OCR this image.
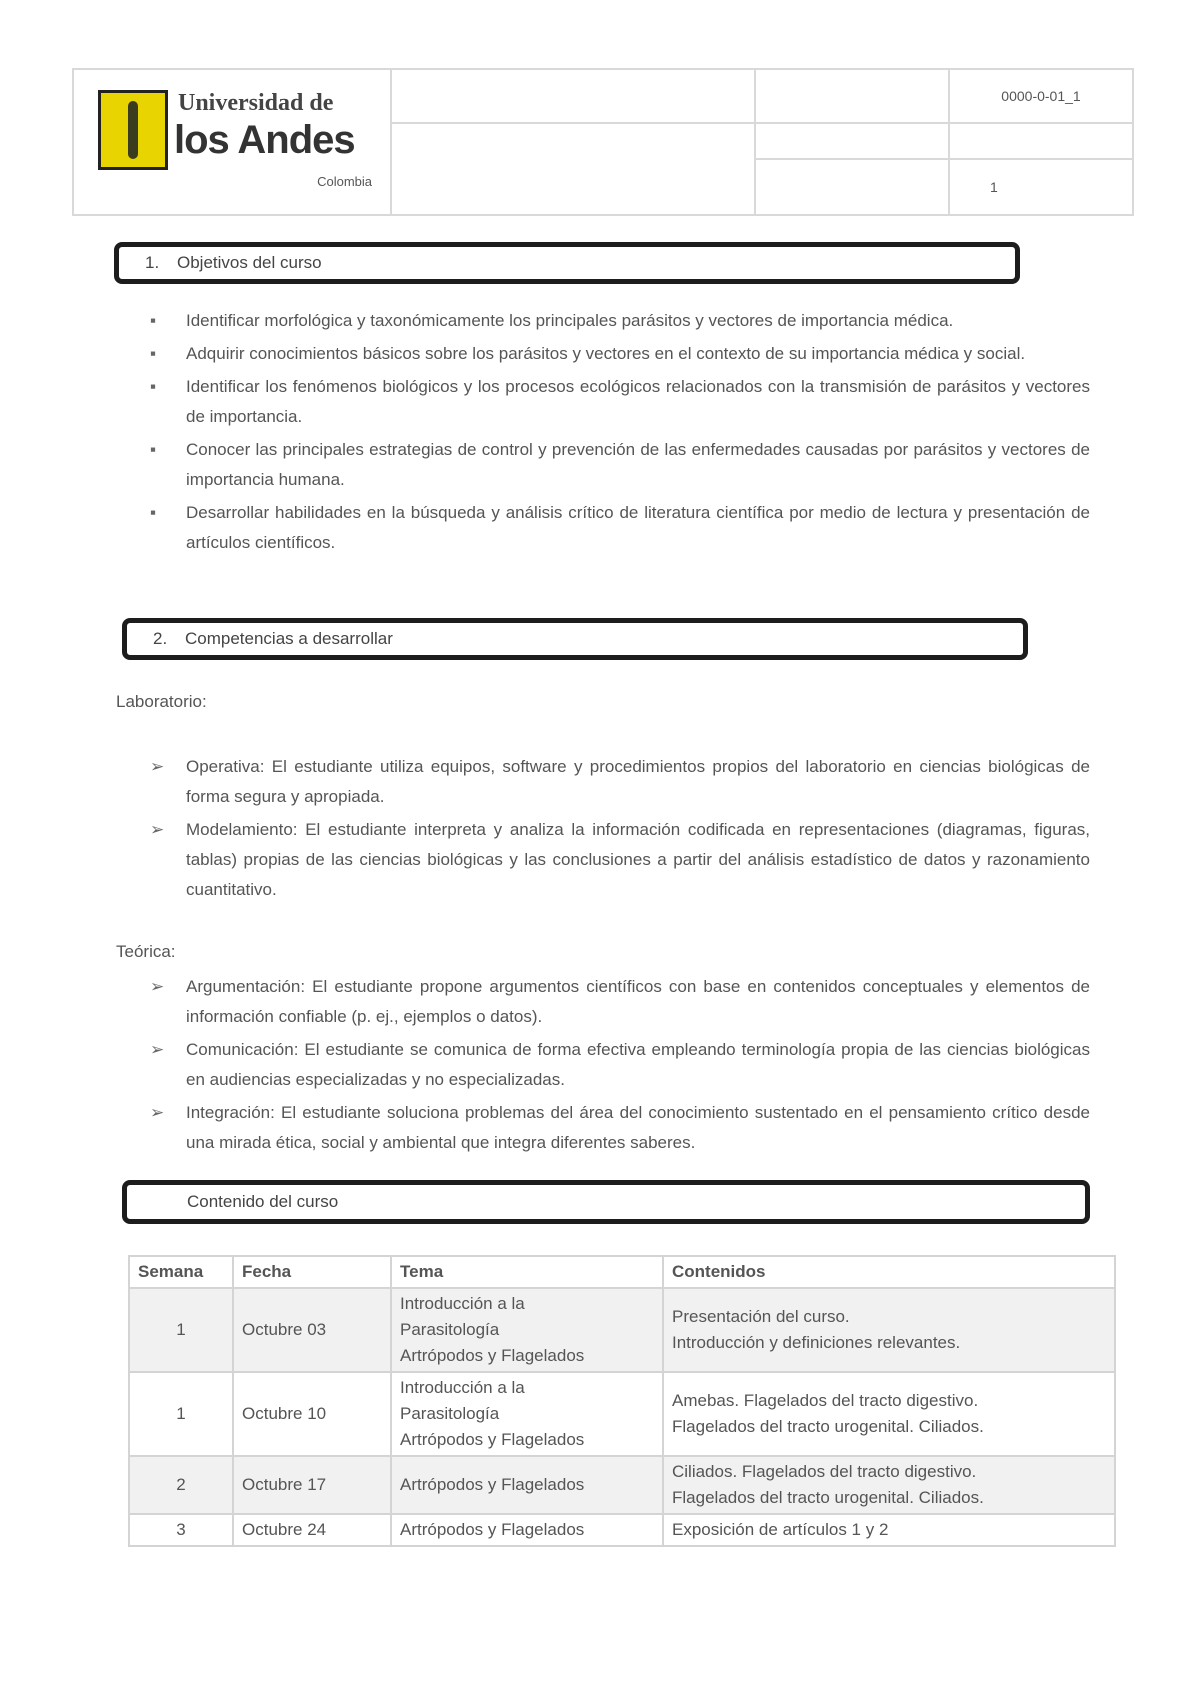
Universidad de
los Andes
Colombia
0000-0-01_1
1
1.	Objetivos del curso
▪ Identificar morfológica y taxonómicamente los principales parásitos y vectores de importancia médica.
▪ Adquirir conocimientos básicos sobre los parásitos y vectores en el contexto de su importancia médica y social.
▪ Identificar los fenómenos biológicos y los procesos ecológicos relacionados con la transmisión de parásitos y vectores de importancia.
▪ Conocer las principales estrategias de control y prevención de las enfermedades causadas por parásitos y vectores de importancia humana.
▪ Desarrollar habilidades en la búsqueda y análisis crítico de literatura científica por medio de lectura y presentación de artículos científicos.
2.	Competencias a desarrollar
Laboratorio:
➢ Operativa: El estudiante utiliza equipos, software y procedimientos propios del laboratorio en ciencias biológicas de forma segura y apropiada.
➢ Modelamiento: El estudiante interpreta y analiza la información codificada en representaciones (diagramas, figuras, tablas) propias de las ciencias biológicas y las conclusiones a partir del análisis estadístico de datos y razonamiento cuantitativo.
Teórica:
➢ Argumentación: El estudiante propone argumentos científicos con base en contenidos conceptuales y elementos de información confiable (p. ej., ejemplos o datos).
➢ Comunicación: El estudiante se comunica de forma efectiva empleando terminología propia de las ciencias biológicas en audiencias especializadas y no especializadas.
➢ Integración: El estudiante soluciona problemas del área del conocimiento sustentado en el pensamiento crítico desde una mirada ética, social y ambiental que integra diferentes saberes.
Contenido del curso
Semana	Fecha	Tema	Contenidos
1	Octubre 03	Introducción a la
Parasitología
Artrópodos y Flagelados	Presentación del curso.
Introducción y definiciones relevantes.

1	Octubre 10	Introducción a la
Parasitología
Artrópodos y Flagelados	Amebas. Flagelados del tracto digestivo.
Flagelados del tracto urogenital. Ciliados.

2	Octubre 17	Artrópodos y Flagelados	Ciliados. Flagelados del tracto digestivo.
Flagelados del tracto urogenital. Ciliados.

3	Octubre 24	Artrópodos y Flagelados	Exposición de artículos 1 y 2
